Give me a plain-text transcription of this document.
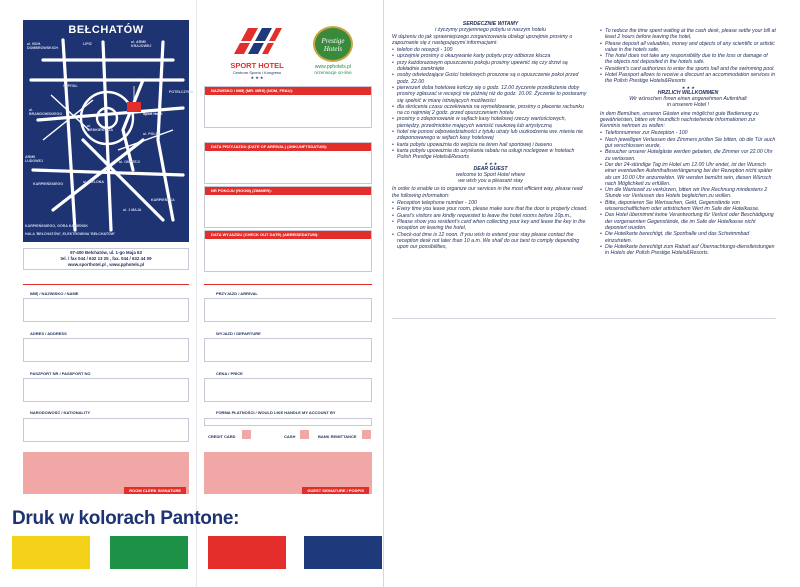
BEŁCHATÓW
ul. BOH. DOMBROWSKICH
LIPIZ	ul. ARMII KRAJOWEJ
POTEŁCZYNA
ul. BRANDOWSKIEGO
ARMII LUDOWEJ
Sport Hotel
ul. POLNE
SZPITAL
ul. OKRZEJI
KARPIEŃSKA
KARPIEŃSKIEGO	ul. ZIELONA
ul. 1 MAJA
ul. SIENKIEWICZA
KARPIEŃSKIEGO, GÓRA KAMIEŃSK
HALA 'BEŁCHATÓW', ELEKTROWNIA 'BEŁCHATÓW'
97-400 Bełchatów, ul. 1-go Maja 63
tel. / fax 044 / 632 13 25 , fax. 044 / 632 44 09
www.sporthotel.pl , www.pphotels.pl
SPORT HOTEL
Centrum Sportu i Kongresu
★ ★ ★
Prestige Hotels
www.pphotels.pl
rezerwacje on-line
NAZWISKO / IMIĘ (MR. MRS) (NOM, FRAU):
DATA PRZYJAZDU (DATE OF ARRIVAL) (ANKUNFTSDATUM):
NR POKOJU (ROOM) (ZIMMER):
DATA WYJAZDU (CHECK OUT DATE) (ABREISEDATUM):
IMIĘ / NAZWISKO / NAME
ADRES / ADDRESS
PASZPORT NR / PASSPORT NO
NARODOWOŚĆ / NATIONALITY
PRZYJAZD / ARRIVAL
WYJAZD / DEPARTURE
CENA / PRICE
FORMA PŁATNOŚCI / WOULD LIKE HANDLE MY ACCOUNT BY
CREDIT CARD	CASH	BANK REMITTANCE
ROOM CLERK SIGNATURE	GUEST SIGNATURE / PODPIS
Druk w kolorach Pantone:
SERDECZNIE WITAMY
i życzymy przyjemnego pobytu w naszym hotelu

W dążeniu do jak sprawniejszego zorganizowania obsługi uprzejmie prosimy o zapoznanie się z następującymi informacjami:

• telefon do recepcji - 100
• uprzejmie prosimy o okazywanie karty pobytu przy odbiorze klucza
• przy każdorazowym opuszczeniu pokoju prosimy upewnić się czy drzwi są dokładnie zamknięte
• osoby odwiedzające Gości hotelowych proszone są o opuszczenie pokoi przed godz. 22.00
• pierwszeń doba hotelowa kończy się o godz. 12.00 życzenie przedłużenia doby prosimy zgłaszać w recepcji nie później niż do godz. 10.00. Życzenie to postaramy się spełnić w miarę istniejących możliwości
• dla skrócenia czasu oczekiwania na wymeldowanie, prosimy o płacenie rachunku na co najmniej 2 godz. przed opuszczeniem hotelu
• prosimy o zdeponowanie w sejfach kasy hotelowej rzeczy wartościowych, pieniędzy, przedmiotów mających wartość naukową lub artystyczną
• hotel nie ponosi odpowiedzialności z tytułu utraty lub uszkodzenia ww. mienia nie zdeponowanego w sejfach kasy hotelowej
• karta pobytu upoważnia do wejścia na teren hali sportowej i basenu
• karta pobytu upoważnia do uzyskania rabatu na usługi noclegowe w hotelach Polish Prestige Hotels&Resorts
★ ★ ★
DEAR GUEST
welcome to Sport Hotel where
we wish you a pleasant stay

In order to enable us to organize our services in the most efficient way, please read the following information:

• Reception telephone number - 100
• Every time you leave your room, please make sure that the door is properly closed.
• Guest's visitors are kindly requested to leave the hotel rooms before 10p.m.,
• Please show you resident's card when collecting your key and leave the key in the reception on leaving the hotel,
• Check-out time is 12 noon. If you wish to extend your stay please contact the reception desk not later than 10 a.m. We shall do our best to comply depending upon our possibilities,
• To reduce the time spent waiting at the cash desk, please settle your bill at least 2 hours before leaving the hotel,
• Please deposit all valuables, money and objects of any scientific or artistic value in the hotels safe.
• The hotel does not take any responsibility due to the loss or damage of the objects not deposited in the hotels safe.
• Resident's card authorizes to enter the sports hall and the swimming pool.
• Hotel Passport allows to receive a discount an accommodation services in the Polish Prestige Hotels&Resorts
★ ★ ★
HRZLICH WILLKOMMEN
Wir wünschen Ihnen einen angenehmen Aufenthalt
in unserem Hotel !

In dem Bemühen, unseren Gästen eine möglichst gute Bedienung zu gewährleisten, bitten wir freundlich nachstehende Informationen zur Kenntnis nehmen zu wollen:

• Telefonnummer zur Rezeption - 100
• Nach jewelligen Verlassen des Zimmers prüfen Sie bitten, ob die Tür auch gut verschlossen wurde,
• Besucher unserer Hotelgäste werden gebeten, die Zimmer vor 22.00 Uhr zu verlassen.
• Der der 24-stündige Tag im Hotel um 12.00 Uhr endet, ist der Wunsch einer eventuellen Aufenthaltsverlängerung bei der Rezeption nicht später als um 10.00 Uhr anzumelden. Wir werden bemüht sein, diesen Wünsch nach Möglichkeit zu erfüllen.
• Um die Wartezeit zu verkürzen, bitten wir Ihre Rechnung mindestens 2 Stunde vor Verlassen des Hotels begleichen zu wollen.
• Bitte, deponieren Sie Wertsachen, Geld, Gegenstände von wissenschaftlichem oder artistischem Wert im Safe der Hotelkasse.
• Das Hotel übernimmt keine Verantwortung für Verlust oder Beschädigung der vorgenannten Gegenstände, die im Safe der Hotelkasse nicht deponiert wurden.
• Die Hotelkarte berechtigt, die Sporthalle und das Schwimmbad einzutreten.
• Die Hotelkarte berechtigt zum Rabatt auf Übernachtungs-dienstleistungen in Hotels der Polish Prestige Hotels&Resorts.
